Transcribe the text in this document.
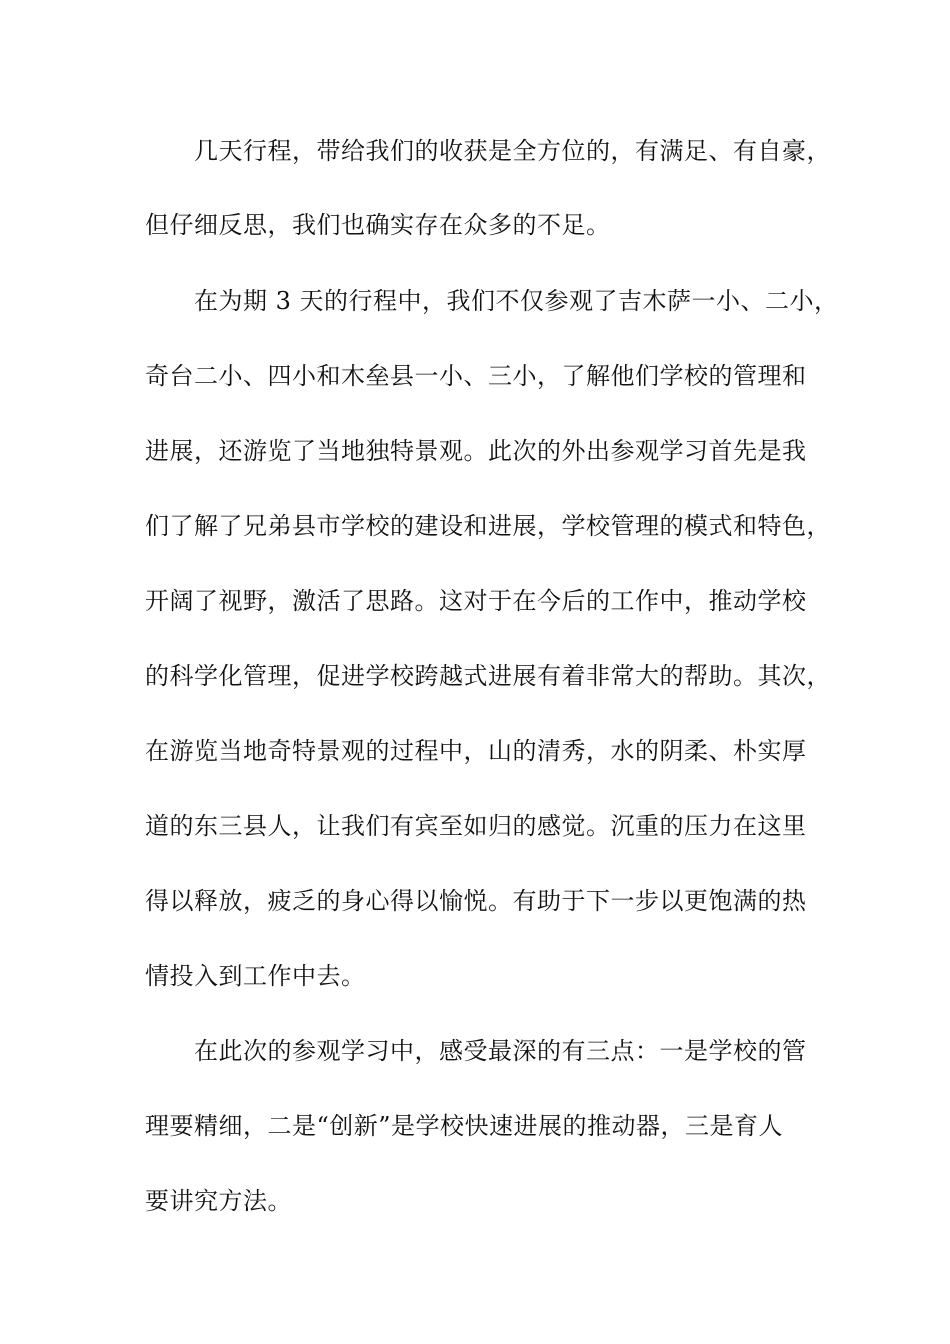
几天行程，带给我们的收获是全方位的，有满足、有自豪，
但仔细反思，我们也确实存在众多的不足。
在为期 3 天的行程中，我们不仅参观了吉木萨一小、二小，
奇台二小、四小和木垒县一小、三小，了解他们学校的管理和
进展，还游览了当地独特景观。此次的外出参观学习首先是我
们了解了兄弟县市学校的建设和进展，学校管理的模式和特色，
开阔了视野，激活了思路。这对于在今后的工作中，推动学校
的科学化管理，促进学校跨越式进展有着非常大的帮助。其次，
在游览当地奇特景观的过程中，山的清秀，水的阴柔、朴实厚
道的东三县人，让我们有宾至如归的感觉。沉重的压力在这里
得以释放，疲乏的身心得以愉悦。有助于下一步以更饱满的热
情投入到工作中去。
在此次的参观学习中，感受最深的有三点：一是学校的管
理要精细，二是“创新”是学校快速进展的推动器，三是育人
要讲究方法。
